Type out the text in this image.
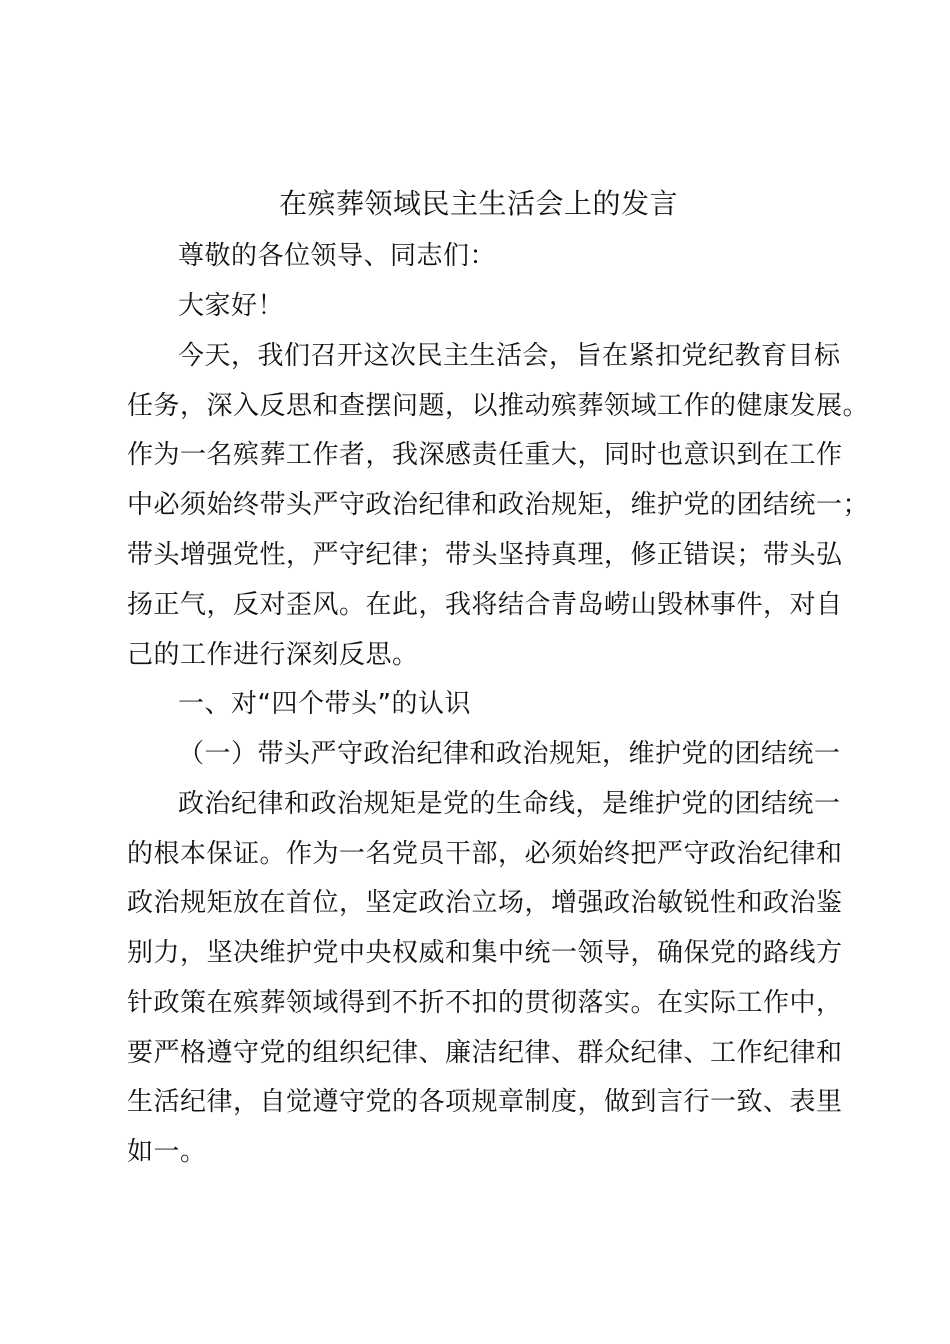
在殡葬领域民主生活会上的发言
尊敬的各位领导、同志们：
大家好！
今天，我们召开这次民主生活会，旨在紧扣党纪教育目标
任务，深入反思和查摆问题，以推动殡葬领域工作的健康发展。
作为一名殡葬工作者，我深感责任重大，同时也意识到在工作
中必须始终带头严守政治纪律和政治规矩，维护党的团结统一；
带头增强党性，严守纪律；带头坚持真理，修正错误；带头弘
扬正气，反对歪风。在此，我将结合青岛崂山毁林事件，对自
己的工作进行深刻反思。
一、对“四个带头”的认识
（一）带头严守政治纪律和政治规矩，维护党的团结统一
政治纪律和政治规矩是党的生命线，是维护党的团结统一
的根本保证。作为一名党员干部，必须始终把严守政治纪律和
政治规矩放在首位，坚定政治立场，增强政治敏锐性和政治鉴
别力，坚决维护党中央权威和集中统一领导，确保党的路线方
针政策在殡葬领域得到不折不扣的贯彻落实。在实际工作中，
要严格遵守党的组织纪律、廉洁纪律、群众纪律、工作纪律和
生活纪律，自觉遵守党的各项规章制度，做到言行一致、表里
如一。
